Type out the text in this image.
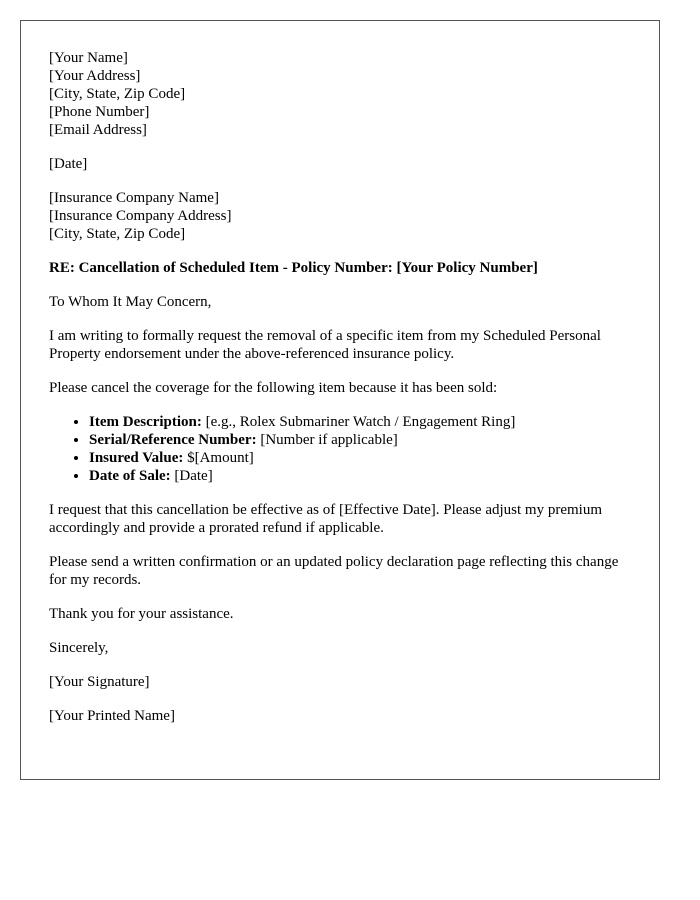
[Your Name]
[Your Address]
[City, State, Zip Code]
[Phone Number]
[Email Address]
[Date]
[Insurance Company Name]
[Insurance Company Address]
[City, State, Zip Code]
RE: Cancellation of Scheduled Item - Policy Number: [Your Policy Number]

To Whom It May Concern,

I am writing to formally request the removal of a specific item from my Scheduled Personal Property endorsement under the above-referenced insurance policy.

Please cancel the coverage for the following item because it has been sold:

• Item Description: [e.g., Rolex Submariner Watch / Engagement Ring]
• Serial/Reference Number: [Number if applicable]
• Insured Value: $[Amount]
• Date of Sale: [Date]

I request that this cancellation be effective as of [Effective Date]. Please adjust my premium accordingly and provide a prorated refund if applicable.

Please send a written confirmation or an updated policy declaration page reflecting this change for my records.

Thank you for your assistance.

Sincerely,

[Your Signature]

[Your Printed Name]
